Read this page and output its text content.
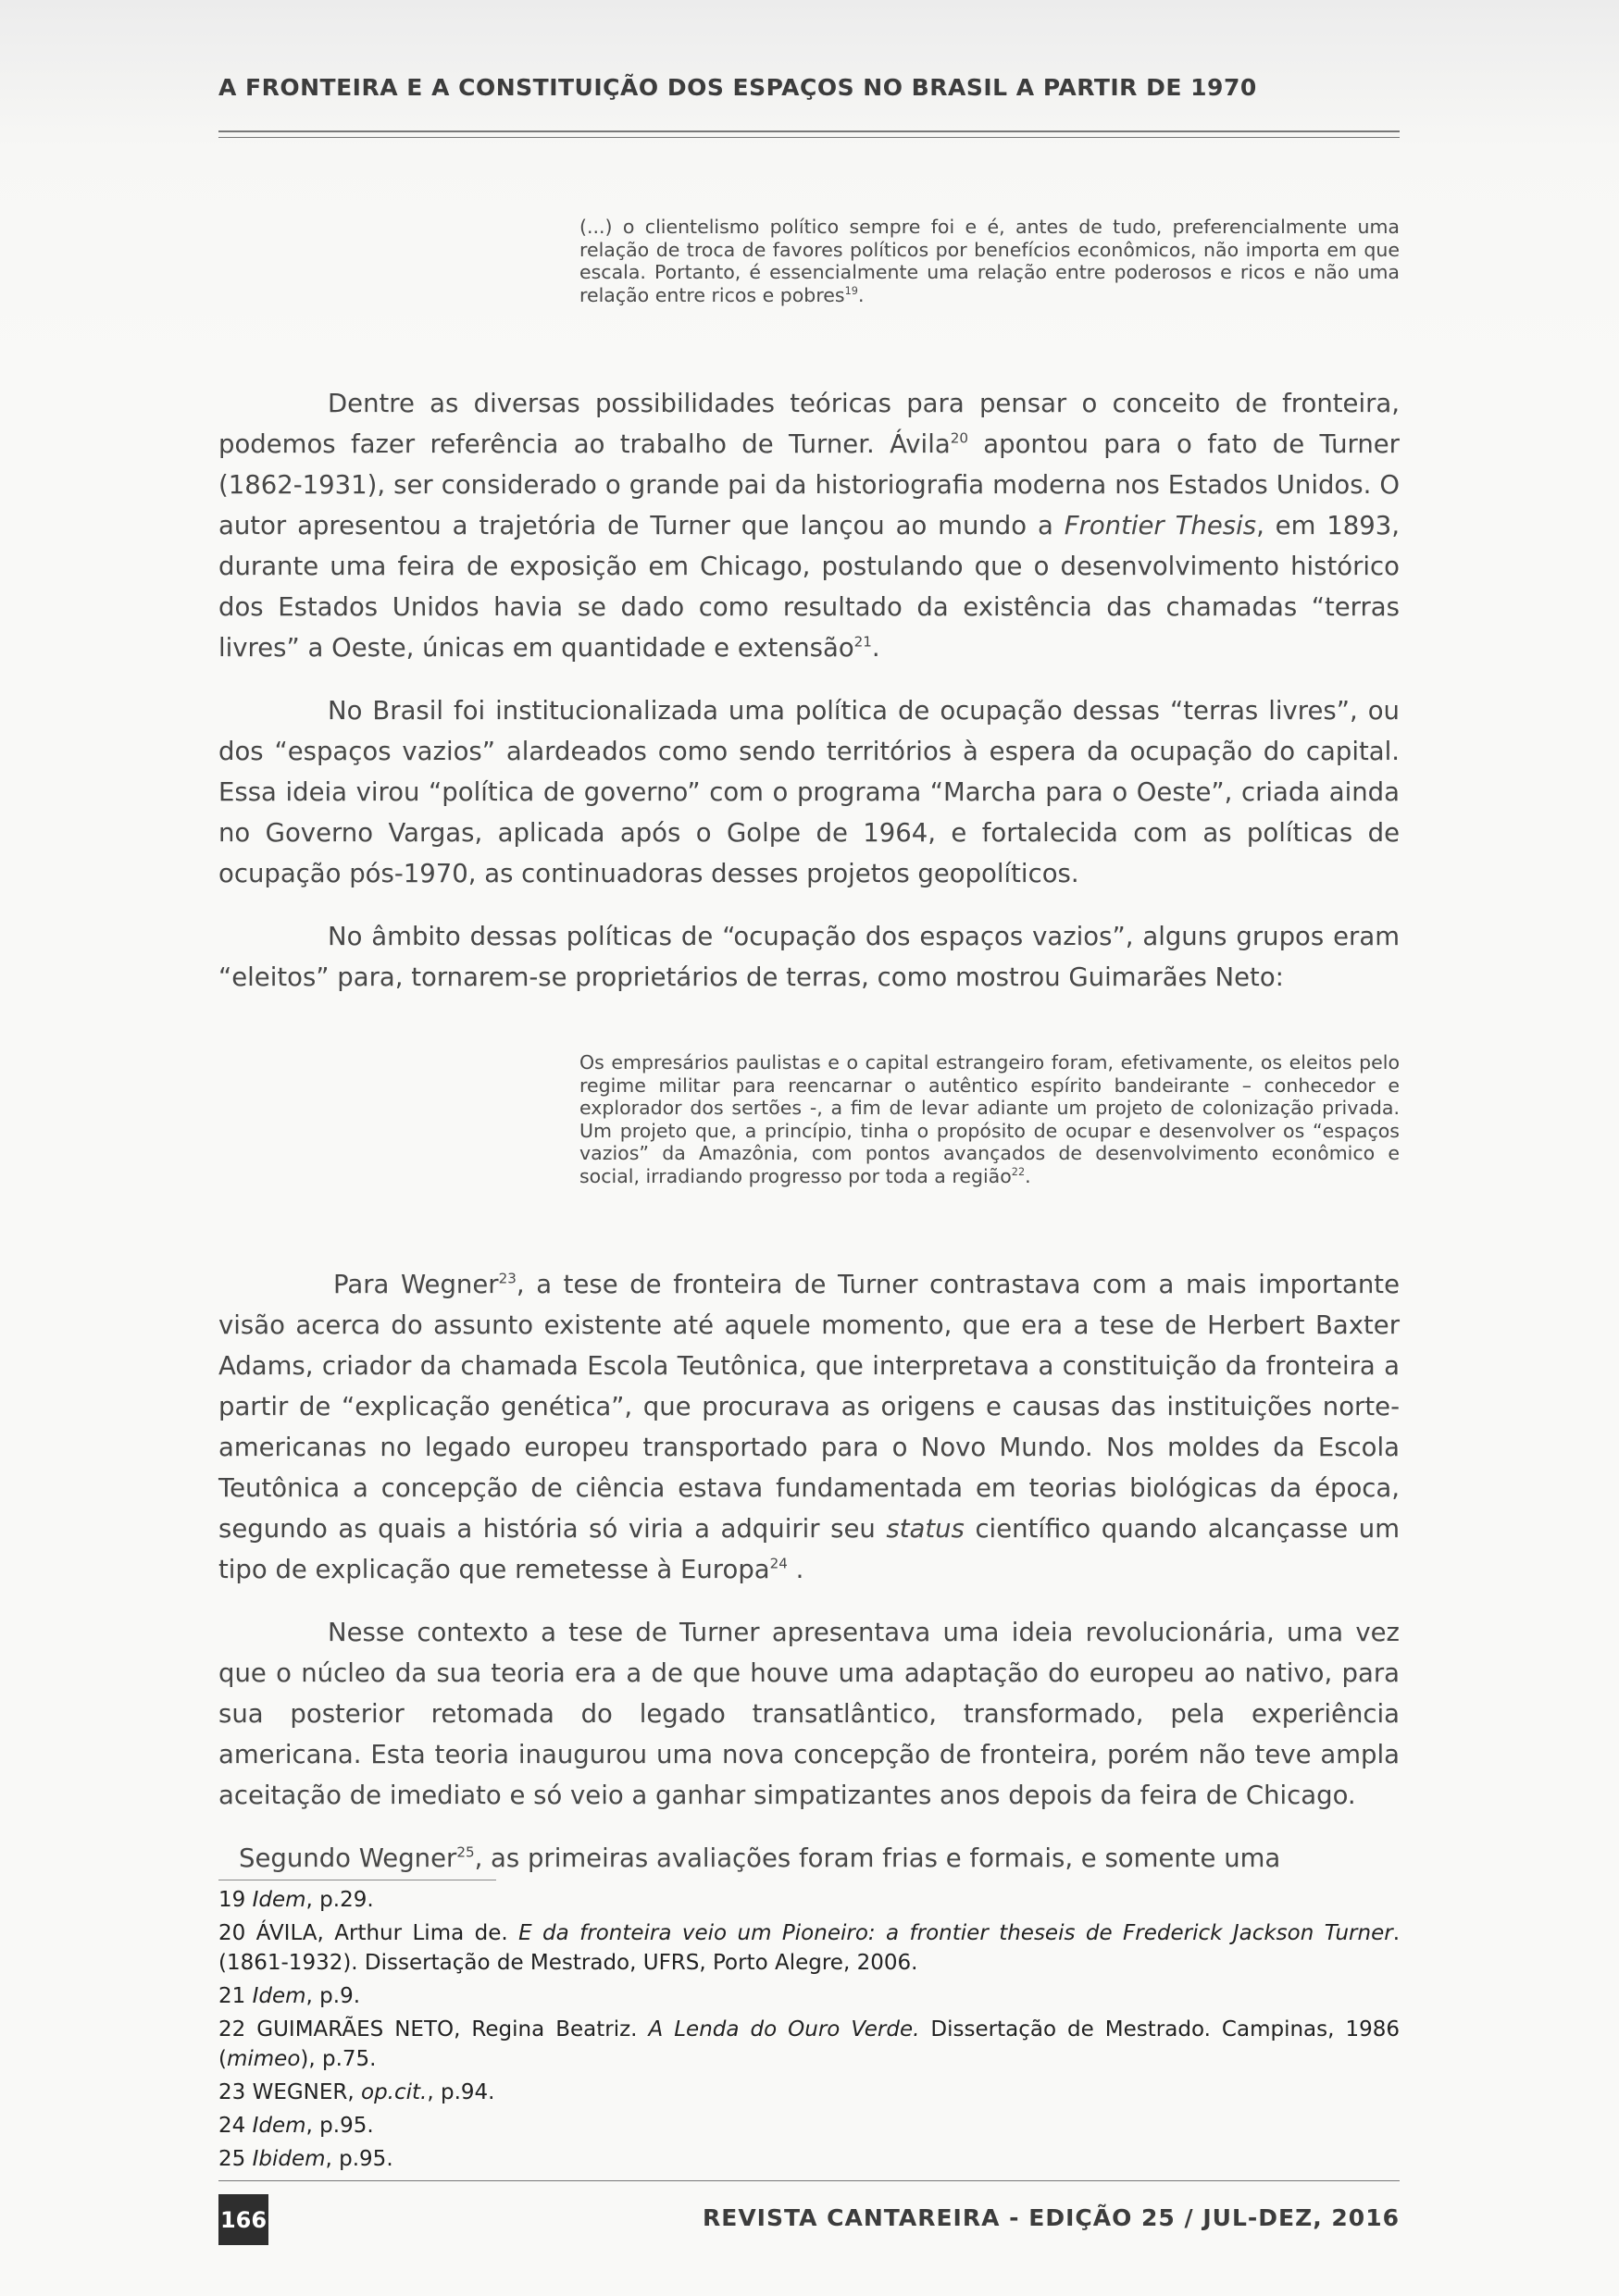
A FRONTEIRA E A CONSTITUIÇÃO DOS ESPAÇOS NO BRASIL A PARTIR DE 1970

(...) o clientelismo político sempre foi e é, antes de tudo, preferencialmente uma relação de troca de favores políticos por benefícios econômicos, não importa em que escala. Portanto, é essencialmente uma relação entre poderosos e ricos e não uma relação entre ricos e pobres$^{19}$.

Dentre as diversas possibilidades teóricas para pensar o conceito de fronteira, podemos fazer referência ao trabalho de Turner. Ávila$^{20}$ apontou para o fato de Turner (1862-1931), ser considerado o grande pai da historiografia moderna nos Estados Unidos. O autor apresentou a trajetória de Turner que lançou ao mundo a Frontier Thesis, em 1893, durante uma feira de exposição em Chicago, postulando que o desenvolvimento histórico dos Estados Unidos havia se dado como resultado da existência das chamadas “terras livres” a Oeste, únicas em quantidade e extensão$^{21}$.

No Brasil foi institucionalizada uma política de ocupação dessas “terras livres”, ou dos “espaços vazios” alardeados como sendo territórios à espera da ocupação do capital. Essa ideia virou “política de governo” com o programa “Marcha para o Oeste”, criada ainda no Governo Vargas, aplicada após o Golpe de 1964, e fortalecida com as políticas de ocupação pós-1970, as continuadoras desses projetos geopolíticos.

No âmbito dessas políticas de “ocupação dos espaços vazios”, alguns grupos eram “eleitos” para, tornarem-se proprietários de terras, como mostrou Guimarães Neto:

Os empresários paulistas e o capital estrangeiro foram, efetivamente, os eleitos pelo regime militar para reencarnar o autêntico espírito bandeirante – conhecedor e explorador dos sertões -, a fim de levar adiante um projeto de colonização privada. Um projeto que, a princípio, tinha o propósito de ocupar e desenvolver os “espaços vazios” da Amazônia, com pontos avançados de desenvolvimento econômico e social, irradiando progresso por toda a região$^{22}$.

Para Wegner$^{23}$, a tese de fronteira de Turner contrastava com a mais importante visão acerca do assunto existente até aquele momento, que era a tese de Herbert Baxter Adams, criador da chamada Escola Teutônica, que interpretava a constituição da fronteira a partir de “explicação genética”, que procurava as origens e causas das instituições norte-americanas no legado europeu transportado para o Novo Mundo. Nos moldes da Escola Teutônica a concepção de ciência estava fundamentada em teorias biológicas da época, segundo as quais a história só viria a adquirir seu status científico quando alcançasse um tipo de explicação que remetesse à Europa$^{24}$ .

Nesse contexto a tese de Turner apresentava uma ideia revolucionária, uma vez que o núcleo da sua teoria era a de que houve uma adaptação do europeu ao nativo, para sua posterior retomada do legado transatlântico, transformado, pela experiência americana. Esta teoria inaugurou uma nova concepção de fronteira, porém não teve ampla aceitação de imediato e só veio a ganhar simpatizantes anos depois da feira de Chicago.

Segundo Wegner$^{25}$, as primeiras avaliações foram frias e formais, e somente uma

19 Idem, p.29.

20 ÁVILA, Arthur Lima de. E da fronteira veio um Pioneiro: a frontier theseis de Frederick Jackson Turner. (1861-1932). Dissertação de Mestrado, UFRS, Porto Alegre, 2006.

21 Idem, p.9.

22 GUIMARÃES NETO, Regina Beatriz. A Lenda do Ouro Verde. Dissertação de Mestrado. Campinas, 1986 (mimeo), p.75.

23 WEGNER, op.cit., p.94.

24 Idem, p.95.

25 Ibidem, p.95.

166	REVISTA CANTAREIRA - EDIÇÃO 25 / JUL-DEZ, 2016
